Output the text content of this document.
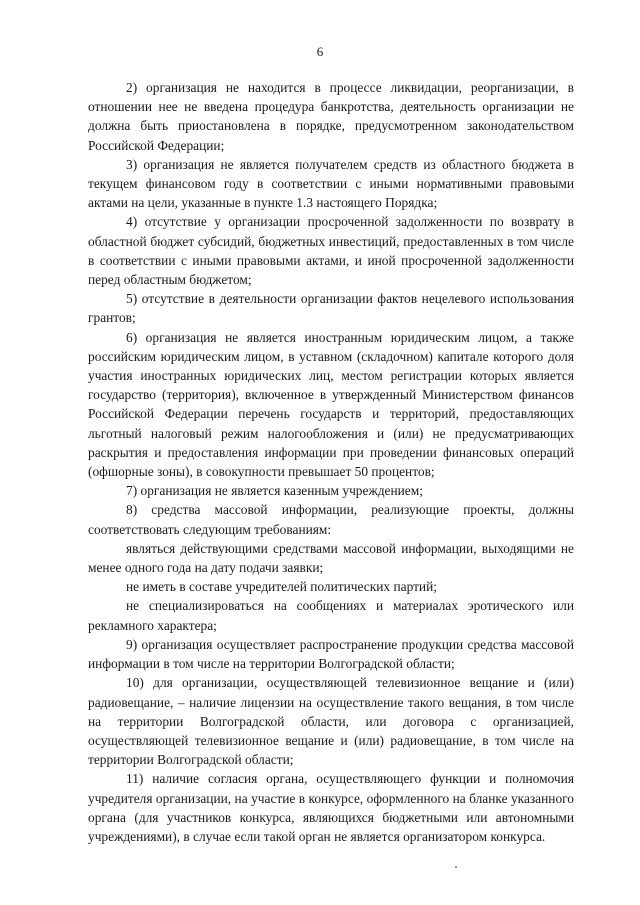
6

2) организация не находится в процессе ликвидации, реорганизации, в отношении нее не введена процедура банкротства, деятельность организации не должна быть приостановлена в порядке, предусмотренном законодательством Российской Федерации;

3) организация не является получателем средств из областного бюджета в текущем финансовом году в соответствии с иными нормативными правовыми актами на цели, указанные в пункте 1.3 настоящего Порядка;

4) отсутствие у организации просроченной задолженности по возврату в областной бюджет субсидий, бюджетных инвестиций, предоставленных в том числе в соответствии с иными правовыми актами, и иной просроченной задолженности перед областным бюджетом;

5) отсутствие в деятельности организации фактов нецелевого использования грантов;

6) организация не является иностранным юридическим лицом, а также российским юридическим лицом, в уставном (складочном) капитале которого доля участия иностранных юридических лиц, местом регистрации которых является государство (территория), включенное в утвержденный Министерством финансов Российской Федерации перечень государств и территорий, предоставляющих льготный налоговый режим налогообложения и (или) не предусматривающих раскрытия и предоставления информации при проведении финансовых операций (офшорные зоны), в совокупности превышает 50 процентов;

7) организация не является казенным учреждением;

8) средства массовой информации, реализующие проекты, должны соответствовать следующим требованиям:

являться действующими средствами массовой информации, выходящими не менее одного года на дату подачи заявки;

не иметь в составе учредителей политических партий;

не специализироваться на сообщениях и материалах эротического или рекламного характера;

9) организация осуществляет распространение продукции средства массовой информации в том числе на территории Волгоградской области;

10) для организации, осуществляющей телевизионное вещание и (или) радиовещание, – наличие лицензии на осуществление такого вещания, в том числе на территории Волгоградской области, или договора с организацией, осуществляющей телевизионное вещание и (или) радиовещание, в том числе на территории Волгоградской области;

11) наличие согласия органа, осуществляющего функции и полномочия учредителя организации, на участие в конкурсе, оформленного на бланке указанного органа (для участников конкурса, являющихся бюджетными или автономными учреждениями), в случае если такой орган не является организатором конкурса.
